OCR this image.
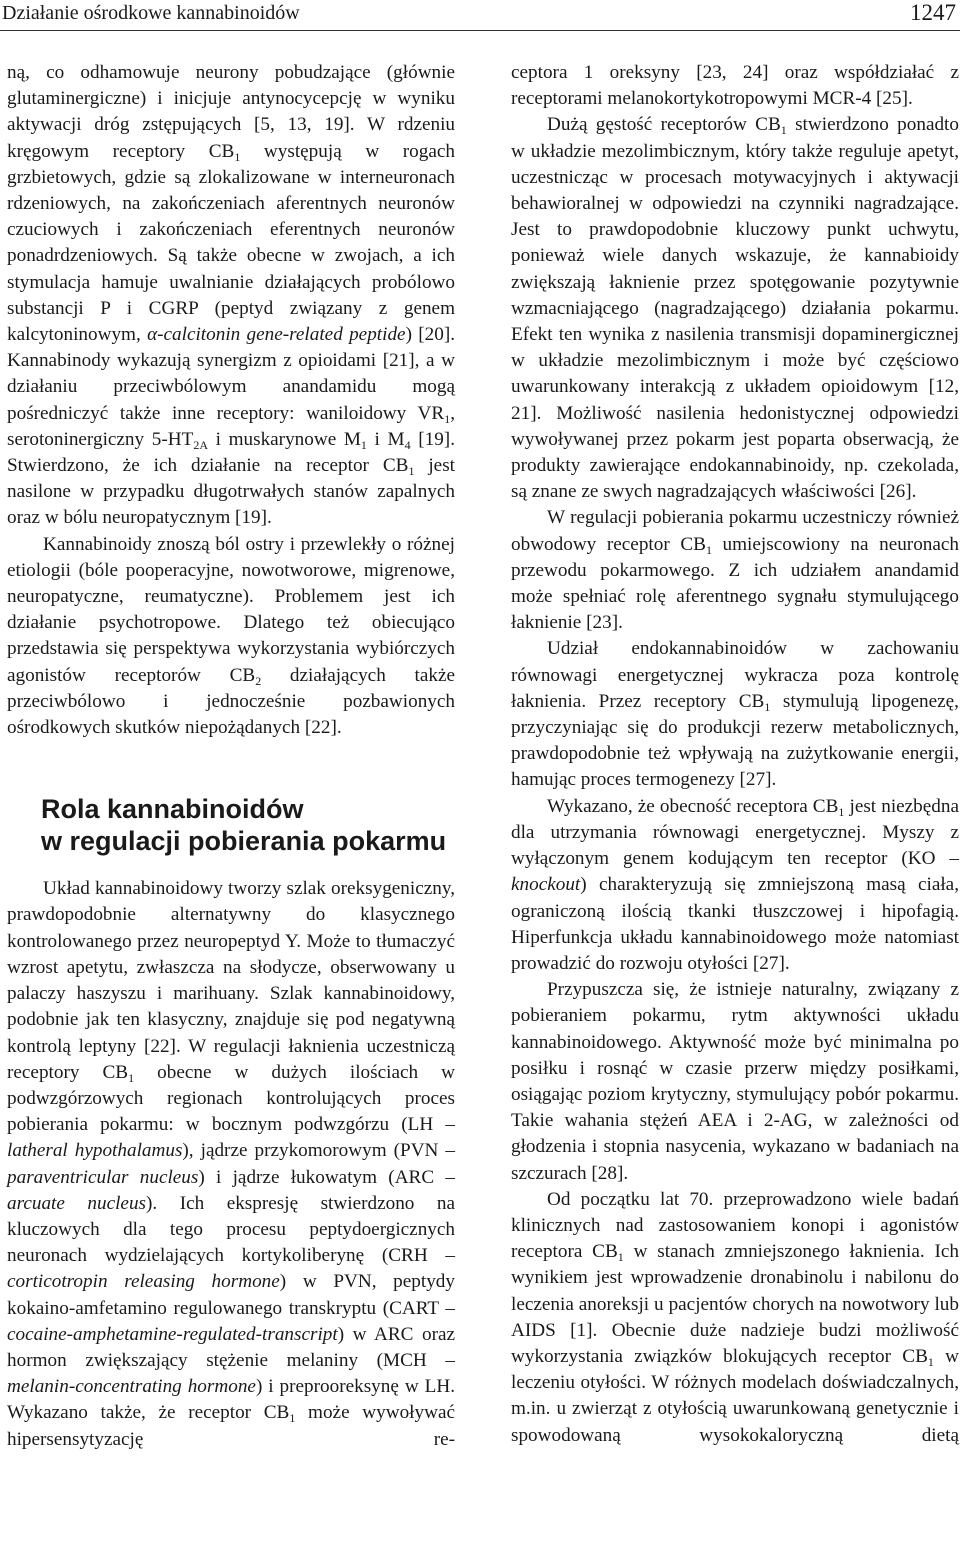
Działanie ośrodkowe kannabinoidów	1247

ną, co odhamowuje neurony pobudzające (głównie glutaminergiczne) i inicjuje antynocycepcję w wyniku aktywacji dróg zstępujących [5, 13, 19]. W rdzeniu kręgowym receptory $CB_1$ występują w rogach grzbietowych, gdzie są zlokalizowane w interneuronach rdzeniowych, na zakończeniach aferentnych neuronów czuciowych i zakończeniach eferentnych neuronów ponadrdzeniowych. Są także obecne w zwojach, a ich stymulacja hamuje uwalnianie działających probólowo substancji P i CGRP (peptyd związany z genem kalcytoninowym, α-calcitonin gene-related peptide) [20]. Kannabinody wykazują synergizm z opioidami [21], a w działaniu przeciwbólowym anandamidu mogą pośredniczyć także inne receptory: waniloidowy $VR_1$, serotoninergiczny $5-HT_{2A}$ i muskarynowe $M_1$ i $M_4$ [19]. Stwierdzono, że ich działanie na receptor $CB_1$ jest nasilone w przypadku długotrwałych stanów zapalnych oraz w bólu neuropatycznym [19].

Kannabinoidy znoszą ból ostry i przewlekły o różnej etiologii (bóle pooperacyjne, nowotworowe, migrenowe, neuropatyczne, reumatyczne). Problemem jest ich działanie psychotropowe. Dlatego też obiecująco przedstawia się perspektywa wykorzystania wybiórczych agonistów receptorów $CB_2$ działających także przeciwbólowo i jednocześnie pozbawionych ośrodkowych skutków niepożądanych [22].

Rola kannabinoidów
w regulacji pobierania pokarmu

Układ kannabinoidowy tworzy szlak oreksygeniczny, prawdopodobnie alternatywny do klasycznego kontrolowanego przez neuropeptyd Y. Może to tłumaczyć wzrost apetytu, zwłaszcza na słodycze, obserwowany u palaczy haszyszu i marihuany. Szlak kannabinoidowy, podobnie jak ten klasyczny, znajduje się pod negatywną kontrolą leptyny [22]. W regulacji łaknienia uczestniczą receptory $CB_1$ obecne w dużych ilościach w podwzgórzowych regionach kontrolujących proces pobierania pokarmu: w bocznym podwzgórzu (LH – latheral hypothalamus), jądrze przykomorowym (PVN – paraventricular nucleus) i jądrze łukowatym (ARC – arcuate nucleus). Ich ekspresję stwierdzono na kluczowych dla tego procesu peptydoergicznych neuronach wydzielających kortykoliberynę (CRH – corticotropin releasing hormone) w PVN, peptydy kokaino-amfetamino regulowanego transkryptu (CART – cocaine-amphetamine-regulated-transcript) w ARC oraz hormon zwiększający stężenie melaniny (MCH – melanin-concentrating hormone) i preprooreksynę w LH. Wykazano także, że receptor $CB_1$ może wywoływać hipersensytyzację re-

ceptora 1 oreksyny [23, 24] oraz współdziałać z receptorami melanokortykotropowymi MCR-4 [25].

Dużą gęstość receptorów $CB_1$ stwierdzono ponadto w układzie mezolimbicznym, który także reguluje apetyt, uczestnicząc w procesach motywacyjnych i aktywacji behawioralnej w odpowiedzi na czynniki nagradzające. Jest to prawdopodobnie kluczowy punkt uchwytu, ponieważ wiele danych wskazuje, że kannabioidy zwiększają łaknienie przez spotęgowanie pozytywnie wzmacniającego (nagradzającego) działania pokarmu. Efekt ten wynika z nasilenia transmisji dopaminergicznej w układzie mezolimbicznym i może być częściowo uwarunkowany interakcją z układem opioidowym [12, 21]. Możliwość nasilenia hedonistycznej odpowiedzi wywoływanej przez pokarm jest poparta obserwacją, że produkty zawierające endokannabinoidy, np. czekolada, są znane ze swych nagradzających właściwości [26].

W regulacji pobierania pokarmu uczestniczy również obwodowy receptor $CB_1$ umiejscowiony na neuronach przewodu pokarmowego. Z ich udziałem anandamid może spełniać rolę aferentnego sygnału stymulującego łaknienie [23].

Udział endokannabinoidów w zachowaniu równowagi energetycznej wykracza poza kontrolę łaknienia. Przez receptory $CB_1$ stymulują lipogenezę, przyczyniając się do produkcji rezerw metabolicznych, prawdopodobnie też wpływają na zużytkowanie energii, hamując proces termogenezy [27].

Wykazano, że obecność receptora $CB_1$ jest niezbędna dla utrzymania równowagi energetycznej. Myszy z wyłączonym genem kodującym ten receptor (KO – knockout) charakteryzują się zmniejszoną masą ciała, ograniczoną ilością tkanki tłuszczowej i hipofagią. Hiperfunkcja układu kannabinoidowego może natomiast prowadzić do rozwoju otyłości [27].

Przypuszcza się, że istnieje naturalny, związany z pobieraniem pokarmu, rytm aktywności układu kannabinoidowego. Aktywność może być minimalna po posiłku i rosnąć w czasie przerw między posiłkami, osiągając poziom krytyczny, stymulujący pobór pokarmu. Takie wahania stężeń AEA i 2-AG, w zależności od głodzenia i stopnia nasycenia, wykazano w badaniach na szczurach [28].

Od początku lat 70. przeprowadzono wiele badań klinicznych nad zastosowaniem konopi i agonistów receptora $CB_1$ w stanach zmniejszonego łaknienia. Ich wynikiem jest wprowadzenie dronabinolu i nabilonu do leczenia anoreksji u pacjentów chorych na nowotwory lub AIDS [1]. Obecnie duże nadzieje budzi możliwość wykorzystania związków blokujących receptor $CB_1$ w leczeniu otyłości. W różnych modelach doświadczalnych, m.in. u zwierząt z otyłością uwarunkowaną genetycznie i spowodowaną wysokokaloryczną dietą
